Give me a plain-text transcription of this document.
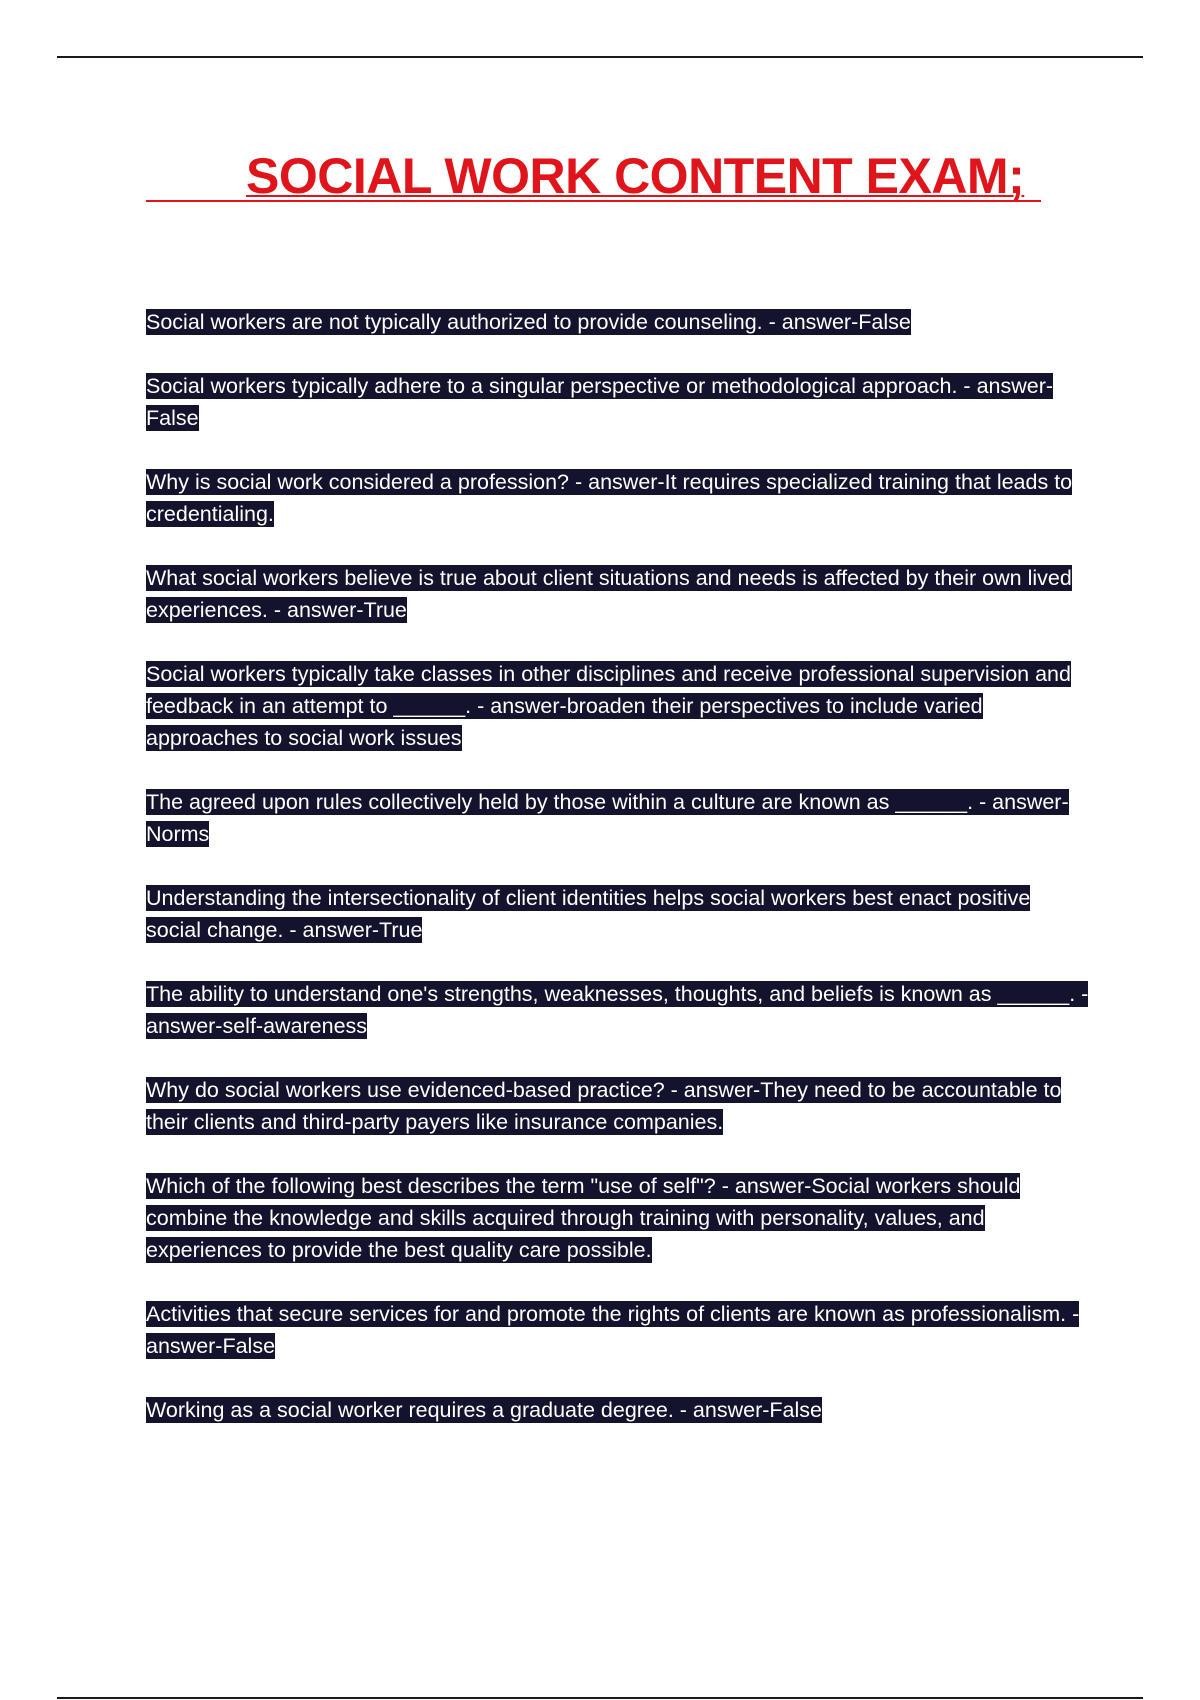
SOCIAL WORK CONTENT EXAM;

Social workers are not typically authorized to provide counseling. - answer-False

Social workers typically adhere to a singular perspective or methodological approach. - answer-False

Why is social work considered a profession? - answer-It requires specialized training that leads to credentialing.

What social workers believe is true about client situations and needs is affected by their own lived experiences. - answer-True

Social workers typically take classes in other disciplines and receive professional supervision and feedback in an attempt to ______. - answer-broaden their perspectives to include varied approaches to social work issues

The agreed upon rules collectively held by those within a culture are known as ______. - answer-Norms

Understanding the intersectionality of client identities helps social workers best enact positive social change. - answer-True

The ability to understand one's strengths, weaknesses, thoughts, and beliefs is known as ______. - answer-self-awareness

Why do social workers use evidenced-based practice? - answer-They need to be accountable to their clients and third-party payers like insurance companies.

Which of the following best describes the term "use of self"? - answer-Social workers should combine the knowledge and skills acquired through training with personality, values, and experiences to provide the best quality care possible.

Activities that secure services for and promote the rights of clients are known as professionalism. - answer-False

Working as a social worker requires a graduate degree. - answer-False
